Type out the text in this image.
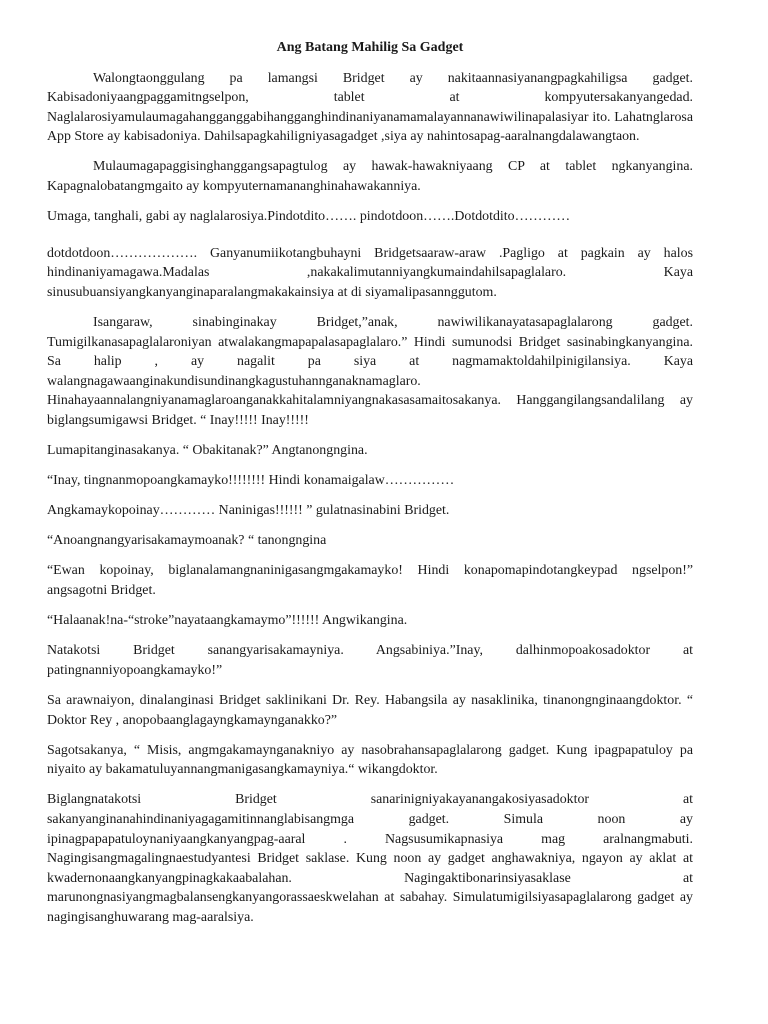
Ang Batang Mahilig Sa Gadget

Walongtaonggulang pa lamangsi Bridget ay nakitaannasiyanangpagkahiligsa gadget. Kabisadoniyaangpaggamitngselpon, tablet at kompyutersakanyangedad. Naglalarosiyamulaumagahangganggabihangganghindinaniyanamamalayannanawiwilinapalasiyar ito. Lahatnglarosa App Store ay kabisadoniya. Dahilsapagkahiligniyasagadget ,siya ay nahintosapag-aaralnangdalawangtaon.

Mulaumagapaggisinghanggangsapagtulog ay hawak-hawakniyaang CP at tablet ngkanyangina. Kapagnalobatangmgaito ay kompyuternamananghinahawakanniya.

Umaga, tanghali, gabi ay naglalarosiya.Pindotdito……. pindotdoon…….Dotdotdito…………

dotdotdoon………………. Ganyanumiikotangbuhayni Bridgetsaaraw-araw .Pagligo at pagkain ay halos hindinaniyamagawa.Madalas ,nakakalimutanniyangkumaindahilsapaglalaro. Kaya sinusubuansiyangkanyanginaparalangmakakainsiya at di siyamalipasannggutom.

Isangaraw, sinabinginakay Bridget,”anak, nawiwilikanayatasapaglalarong gadget. Tumigilkanasapaglalaroniyan atwalakangmapapalasapaglalaro.” Hindi sumunodsi Bridget sasinabingkanyangina. Sa halip , ay nagalit pa siya at nagmamaktoldahilpinigilansiya. Kaya walangnagawaanginakundisundinangkagustuhannganaknamaglaro. Hinahayaannalangniyanamaglaroanganakkahitalamniyangnakasasamaitosakanya. Hanggangilangsandalilang ay biglangsumigawsi Bridget. “ Inay!!!!! Inay!!!!!

Lumapitanginasakanya. “ Obakitanak?” Angtanongngina.

“Inay, tingnanmopoangkamayko!!!!!!!! Hindi konamaigalaw……………

Angkamaykopoinay………… Naninigas!!!!!! ” gulatnasinabini Bridget.

“Anoangnangyarisakamaymoanak? “ tanongngina

“Ewan kopoinay, biglanalamangnaninigasangmgakamayko! Hindi konapomapindotangkeypad ngselpon!” angsagotni Bridget.

“Halaanak!na-“stroke”nayataangkamaymo”!!!!!! Angwikangina.

Natakotsi Bridget sanangyarisakamayniya. Angsabiniya.”Inay, dalhinmopoakosadoktor at patingnanniyopoangkamayko!”

Sa arawnaiyon, dinalanginasi Bridget saklinikani Dr. Rey. Habangsila ay nasaklinika, tinanongnginaangdoktor. “ Doktor Rey , anopobaanglagayngkamaynganakko?”

Sagotsakanya, “ Misis, angmgakamaynganakniyo ay nasobrahansapaglalarong gadget. Kung ipagpapatuloy pa niyaito ay bakamatuluyannangmanigasangkamayniya.“ wikangdoktor.

Biglangnatakotsi Bridget sanarinigniyakayanangakosiyasadoktor at sakanyanginanahindinaniyagagamitinnanglabisangmga gadget. Simula noon ay ipinagpapapatuloynaniyaangkanyangpag-aaral . Nagsusumikapnasiya mag aralnangmabuti. Nagingisangmagalingnaestudyantesi Bridget saklase. Kung noon ay gadget anghawakniya, ngayon ay aklat at kwadernonaangkanyangpinagkakaabalahan. Nagingaktibonarinsiyasaklase at marunongnasiyangmagbalansengkanyangorassaeskwelahan at sabahay. Simulatumigilsiyasapaglalarong gadget ay nagingisanghuwarang mag-aaralsiya.
